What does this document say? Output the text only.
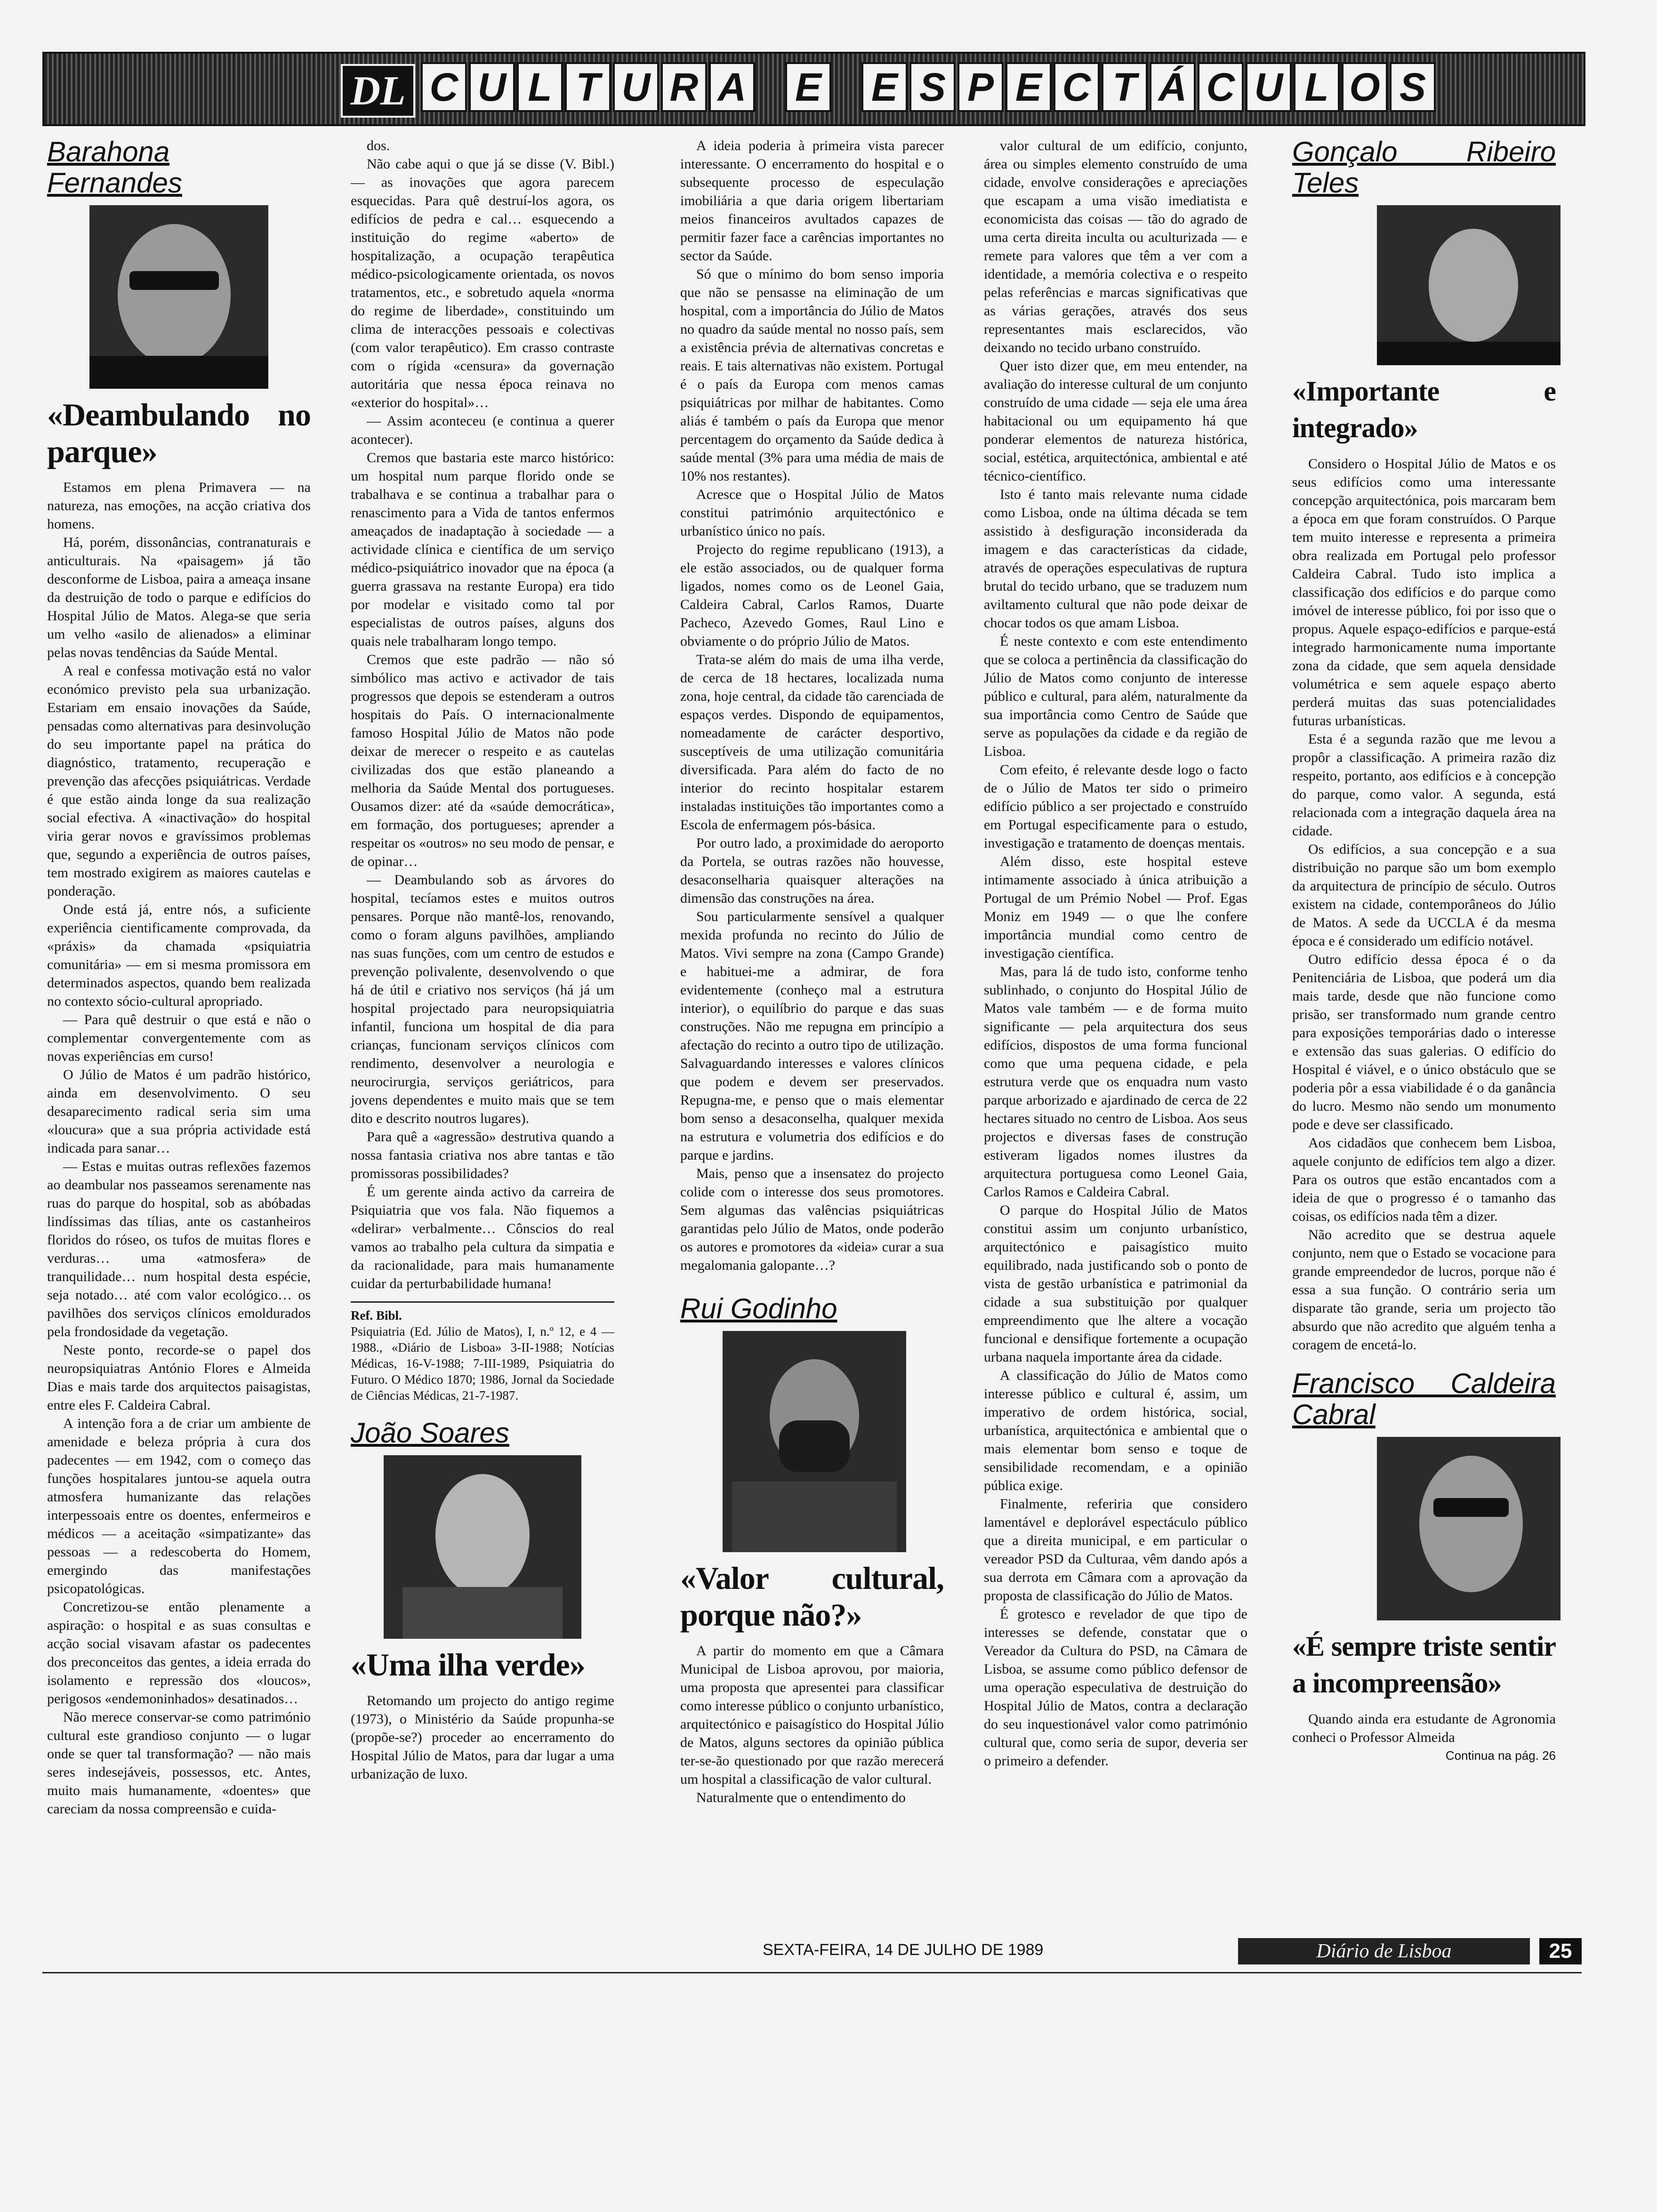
DL C U L T U R A E E S P E C T Á C U L O S
Barahona Fernandes
«Deambulando no parque»

Estamos em plena Primavera — na natureza, nas emoções, na acção criativa dos homens.

Há, porém, dissonâncias, contranaturais e anticulturais. Na «paisagem» já tão desconforme de Lisboa, paira a ameaça insane da destruição de todo o parque e edifícios do Hospital Júlio de Matos. Alega-se que seria um velho «asilo de alienados» a eliminar pelas novas tendências da Saúde Mental.

A real e confessa motivação está no valor económico previsto pela sua urbanização. Estariam em ensaio inovações da Saúde, pensadas como alternativas para desinvolução do seu importante papel na prática do diagnóstico, tratamento, recuperação e prevenção das afecções psiquiátricas. Verdade é que estão ainda longe da sua realização social efectiva. A «inactivação» do hospital viria gerar novos e gravíssimos problemas que, segundo a experiência de outros países, tem mostrado exigirem as maiores cautelas e ponderação.

Onde está já, entre nós, a suficiente experiência cientificamente comprovada, da «práxis» da chamada «psiquiatria comunitária» — em si mesma promissora em determinados aspectos, quando bem realizada no contexto sócio-cultural apropriado.

— Para quê destruir o que está e não o complementar convergentemente com as novas experiências em curso!

O Júlio de Matos é um padrão histórico, ainda em desenvolvimento. O seu desaparecimento radical seria sim uma «loucura» que a sua própria actividade está indicada para sanar…

— Estas e muitas outras reflexões fazemos ao deambular nos passeamos serenamente nas ruas do parque do hospital, sob as abóbadas lindíssimas das tílias, ante os castanheiros floridos do róseo, os tufos de muitas flores e verduras… uma «atmosfera» de tranquilidade… num hospital desta espécie, seja notado… até com valor ecológico… os pavilhões dos serviços clínicos emoldurados pela frondosidade da vegetação.

Neste ponto, recorde-se o papel dos neuropsiquiatras António Flores e Almeida Dias e mais tarde dos arquitectos paisagistas, entre eles F. Caldeira Cabral.

A intenção fora a de criar um ambiente de amenidade e beleza própria à cura dos padecentes — em 1942, com o começo das funções hospitalares juntou-se aquela outra atmosfera humanizante das relações interpessoais entre os doentes, enfermeiros e médicos — a aceitação «simpatizante» das pessoas — a redescoberta do Homem, emergindo das manifestações psicopatológicas.

Concretizou-se então plenamente a aspiração: o hospital e as suas consultas e acção social visavam afastar os padecentes dos preconceitos das gentes, a ideia errada do isolamento e repressão dos «loucos», perigosos «endemoninhados» desatinados…

Não merece conservar-se como património cultural este grandioso conjunto — o lugar onde se quer tal transformação? — não mais seres indesejáveis, possessos, etc. Antes, muito mais humanamente, «doentes» que careciam da nossa compreensão e cuida-

dos.

Não cabe aqui o que já se disse (V. Bibl.) — as inovações que agora parecem esquecidas. Para quê destruí-los agora, os edifícios de pedra e cal… esquecendo a instituição do regime «aberto» de hospitalização, a ocupação terapêutica médico-psicologicamente orientada, os novos tratamentos, etc., e sobretudo aquela «norma do regime de liberdade», constituindo um clima de interacções pessoais e colectivas (com valor terapêutico). Em crasso contraste com o rígida «censura» da governação autoritária que nessa época reinava no «exterior do hospital»…

— Assim aconteceu (e continua a querer acontecer).

Cremos que bastaria este marco histórico: um hospital num parque florido onde se trabalhava e se continua a trabalhar para o renascimento para a Vida de tantos enfermos ameaçados de inadaptação à sociedade — a actividade clínica e científica de um serviço médico-psiquiátrico inovador que na época (a guerra grassava na restante Europa) era tido por modelar e visitado como tal por especialistas de outros países, alguns dos quais nele trabalharam longo tempo.

Cremos que este padrão — não só simbólico mas activo e activador de tais progressos que depois se estenderam a outros hospitais do País. O internacionalmente famoso Hospital Júlio de Matos não pode deixar de merecer o respeito e as cautelas civilizadas dos que estão planeando a melhoria da Saúde Mental dos portugueses. Ousamos dizer: até da «saúde democrática», em formação, dos portugueses; aprender a respeitar os «outros» no seu modo de pensar, e de opinar…

— Deambulando sob as árvores do hospital, tecíamos estes e muitos outros pensares. Porque não mantê-los, renovando, como o foram alguns pavilhões, ampliando nas suas funções, com um centro de estudos e prevenção polivalente, desenvolvendo o que há de útil e criativo nos serviços (há já um hospital projectado para neuropsiquiatria infantil, funciona um hospital de dia para crianças, funcionam serviços clínicos com rendimento, desenvolver a neurologia e neurocirurgia, serviços geriátricos, para jovens dependentes e muito mais que se tem dito e descrito noutros lugares).

Para quê a «agressão» destrutiva quando a nossa fantasia criativa nos abre tantas e tão promissoras possibilidades?

É um gerente ainda activo da carreira de Psiquiatria que vos fala. Não fiquemos a «delirar» verbalmente… Cônscios do real vamos ao trabalho pela cultura da simpatia e da racionalidade, para mais humanamente cuidar da perturbabilidade humana!

Ref. Bibl.
Psiquiatria (Ed. Júlio de Matos), I, n.º 12, e 4 — 1988., «Diário de Lisboa» 3-II-1988; Notícias Médicas, 16-V-1988; 7-III-1989, Psiquiatria do Futuro. O Médico 1870; 1986, Jornal da Sociedade de Ciências Médicas, 21-7-1987.
João Soares
«Uma ilha verde»

Retomando um projecto do antigo regime (1973), o Ministério da Saúde propunha-se (propõe-se?) proceder ao encerramento do Hospital Júlio de Matos, para dar lugar a uma urbanização de luxo.

A ideia poderia à primeira vista parecer interessante. O encerramento do hospital e o subsequente processo de especulação imobiliária a que daria origem libertariam meios financeiros avultados capazes de permitir fazer face a carências importantes no sector da Saúde.

Só que o mínimo do bom senso imporia que não se pensasse na eliminação de um hospital, com a importância do Júlio de Matos no quadro da saúde mental no nosso país, sem a existência prévia de alternativas concretas e reais. E tais alternativas não existem. Portugal é o país da Europa com menos camas psiquiátricas por milhar de habitantes. Como aliás é também o país da Europa que menor percentagem do orçamento da Saúde dedica à saúde mental (3% para uma média de mais de 10% nos restantes).

Acresce que o Hospital Júlio de Matos constitui património arquitectónico e urbanístico único no país.

Projecto do regime republicano (1913), a ele estão associados, ou de qualquer forma ligados, nomes como os de Leonel Gaia, Caldeira Cabral, Carlos Ramos, Duarte Pacheco, Azevedo Gomes, Raul Lino e obviamente o do próprio Júlio de Matos.

Trata-se além do mais de uma ilha verde, de cerca de 18 hectares, localizada numa zona, hoje central, da cidade tão carenciada de espaços verdes. Dispondo de equipamentos, nomeadamente de carácter desportivo, susceptíveis de uma utilização comunitária diversificada. Para além do facto de no interior do recinto hospitalar estarem instaladas instituições tão importantes como a Escola de enfermagem pós-básica.

Por outro lado, a proximidade do aeroporto da Portela, se outras razões não houvesse, desaconselharia quaisquer alterações na dimensão das construções na área.

Sou particularmente sensível a qualquer mexida profunda no recinto do Júlio de Matos. Vivi sempre na zona (Campo Grande) e habituei-me a admirar, de fora evidentemente (conheço mal a estrutura interior), o equilíbrio do parque e das suas construções. Não me repugna em princípio a afectação do recinto a outro tipo de utilização. Salvaguardando interesses e valores clínicos que podem e devem ser preservados. Repugna-me, e penso que o mais elementar bom senso a desaconselha, qualquer mexida na estrutura e volumetria dos edifícios e do parque e jardins.

Mais, penso que a insensatez do projecto colide com o interesse dos seus promotores. Sem algumas das valências psiquiátricas garantidas pelo Júlio de Matos, onde poderão os autores e promotores da «ideia» curar a sua megalomania galopante…?

Rui Godinho
«Valor cultural, porque não?»

A partir do momento em que a Câmara Municipal de Lisboa aprovou, por maioria, uma proposta que apresentei para classificar como interesse público o conjunto urbanístico, arquitectónico e paisagístico do Hospital Júlio de Matos, alguns sectores da opinião pública ter-se-ão questionado por que razão merecerá um hospital a classificação de valor cultural.

Naturalmente que o entendimento do

valor cultural de um edifício, conjunto, área ou simples elemento construído de uma cidade, envolve considerações e apreciações que escapam a uma visão imediatista e economicista das coisas — tão do agrado de uma certa direita inculta ou aculturizada — e remete para valores que têm a ver com a identidade, a memória colectiva e o respeito pelas referências e marcas significativas que as várias gerações, através dos seus representantes mais esclarecidos, vão deixando no tecido urbano construído.

Quer isto dizer que, em meu entender, na avaliação do interesse cultural de um conjunto construído de uma cidade — seja ele uma área habitacional ou um equipamento há que ponderar elementos de natureza histórica, social, estética, arquitectónica, ambiental e até técnico-científico.

Isto é tanto mais relevante numa cidade como Lisboa, onde na última década se tem assistido à desfiguração inconsiderada da imagem e das características da cidade, através de operações especulativas de ruptura brutal do tecido urbano, que se traduzem num aviltamento cultural que não pode deixar de chocar todos os que amam Lisboa.

É neste contexto e com este entendimento que se coloca a pertinência da classificação do Júlio de Matos como conjunto de interesse público e cultural, para além, naturalmente da sua importância como Centro de Saúde que serve as populações da cidade e da região de Lisboa.

Com efeito, é relevante desde logo o facto de o Júlio de Matos ter sido o primeiro edifício público a ser projectado e construído em Portugal especificamente para o estudo, investigação e tratamento de doenças mentais.

Além disso, este hospital esteve intimamente associado à única atribuição a Portugal de um Prémio Nobel — Prof. Egas Moniz em 1949 — o que lhe confere importância mundial como centro de investigação científica.

Mas, para lá de tudo isto, conforme tenho sublinhado, o conjunto do Hospital Júlio de Matos vale também — e de forma muito significante — pela arquitectura dos seus edifícios, dispostos de uma forma funcional como que uma pequena cidade, e pela estrutura verde que os enquadra num vasto parque arborizado e ajardinado de cerca de 22 hectares situado no centro de Lisboa. Aos seus projectos e diversas fases de construção estiveram ligados nomes ilustres da arquitectura portuguesa como Leonel Gaia, Carlos Ramos e Caldeira Cabral.

O parque do Hospital Júlio de Matos constitui assim um conjunto urbanístico, arquitectónico e paisagístico muito equilibrado, nada justificando sob o ponto de vista de gestão urbanística e patrimonial da cidade a sua substituição por qualquer empreendimento que lhe altere a vocação funcional e densifique fortemente a ocupação urbana naquela importante área da cidade.

A classificação do Júlio de Matos como interesse público e cultural é, assim, um imperativo de ordem histórica, social, urbanística, arquitectónica e ambiental que o mais elementar bom senso e toque de sensibilidade recomendam, e a opinião pública exige.

Finalmente, referiria que considero lamentável e deplorável espectáculo público que a direita municipal, e em particular o vereador PSD da Culturaa, vêm dando após a sua derrota em Câmara com a aprovação da proposta de classificação do Júlio de Matos.

É grotesco e revelador de que tipo de interesses se defende, constatar que o Vereador da Cultura do PSD, na Câmara de Lisboa, se assume como público defensor de uma operação especulativa de destruição do Hospital Júlio de Matos, contra a declaração do seu inquestionável valor como património cultural que, como seria de supor, deveria ser o primeiro a defender.

Gonçalo Ribeiro Teles
«Importante e integrado»

Considero o Hospital Júlio de Matos e os seus edifícios como uma interessante concepção arquitectónica, pois marcaram bem a época em que foram construídos. O Parque tem muito interesse e representa a primeira obra realizada em Portugal pelo professor Caldeira Cabral. Tudo isto implica a classificação dos edifícios e do parque como imóvel de interesse público, foi por isso que o propus. Aquele espaço-edifícios e parque-está integrado harmonicamente numa importante zona da cidade, que sem aquela densidade volumétrica e sem aquele espaço aberto perderá muitas das suas potencialidades futuras urbanísticas.

Esta é a segunda razão que me levou a propôr a classificação. A primeira razão diz respeito, portanto, aos edifícios e à concepção do parque, como valor. A segunda, está relacionada com a integração daquela área na cidade.

Os edifícios, a sua concepção e a sua distribuição no parque são um bom exemplo da arquitectura de princípio de século. Outros existem na cidade, contemporâneos do Júlio de Matos. A sede da UCCLA é da mesma época e é considerado um edifício notável.

Outro edifício dessa época é o da Penitenciária de Lisboa, que poderá um dia mais tarde, desde que não funcione como prisão, ser transformado num grande centro para exposições temporárias dado o interesse e extensão das suas galerias. O edifício do Hospital é viável, e o único obstáculo que se poderia pôr a essa viabilidade é o da ganância do lucro. Mesmo não sendo um monumento pode e deve ser classificado.

Aos cidadãos que conhecem bem Lisboa, aquele conjunto de edifícios tem algo a dizer. Para os outros que estão encantados com a ideia de que o progresso é o tamanho das coisas, os edifícios nada têm a dizer.

Não acredito que se destrua aquele conjunto, nem que o Estado se vocacione para grande empreendedor de lucros, porque não é essa a sua função. O contrário seria um disparate tão grande, seria um projecto tão absurdo que não acredito que alguém tenha a coragem de encetá-lo.

Francisco Caldeira Cabral
«É sempre triste sentir a incompreensão»

Quando ainda era estudante de Agronomia conheci o Professor Almeida

Continua na pág. 26
SEXTA-FEIRA, 14 DE JULHO DE 1989	Diário de Lisboa	25
